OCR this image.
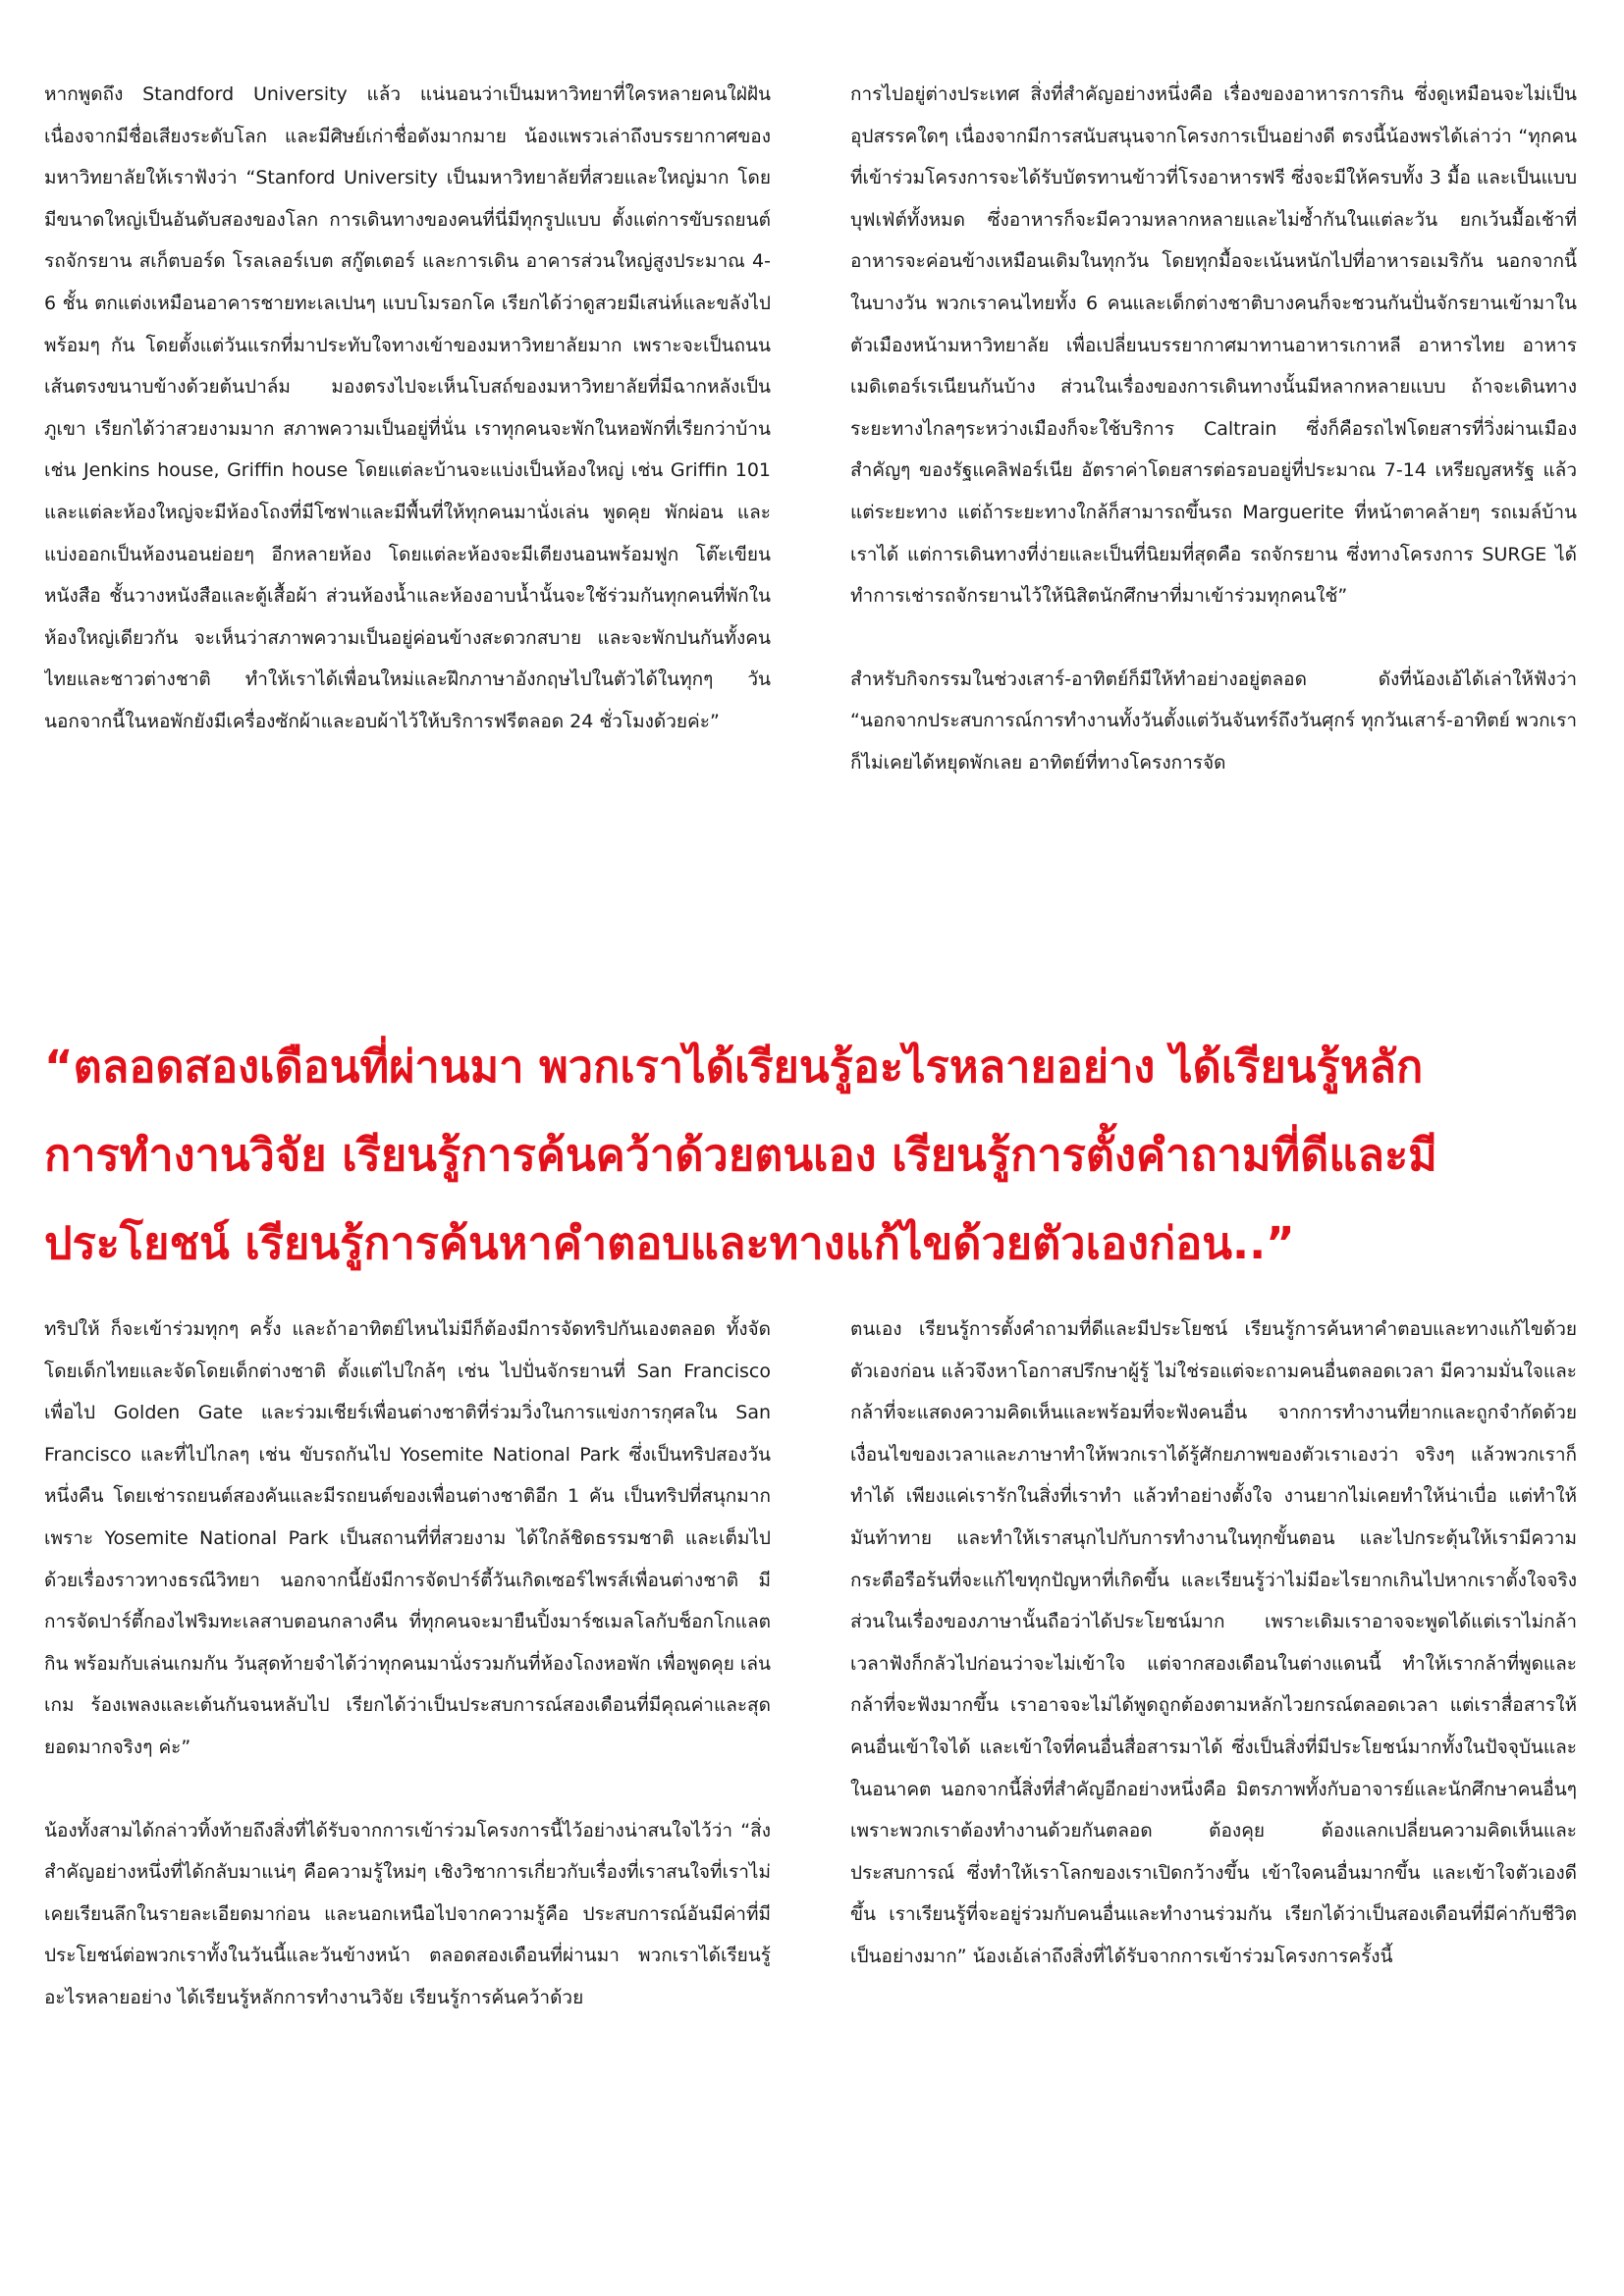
หากพูดถึง Standford University แล้ว แน่นอนว่าเป็นมหาวิทยาที่ใครหลายคนใฝ่ฝัน เนื่องจากมีชื่อเสียงระดับโลก และมีศิษย์เก่าชื่อดังมากมาย น้องแพรวเล่าถึงบรรยากาศของมหาวิทยาลัยให้เราฟังว่า “Stanford University เป็นมหาวิทยาลัยที่สวยและใหญ่มาก โดยมีขนาดใหญ่เป็นอันดับสองของโลก การเดินทางของคนที่นี่มีทุกรูปแบบ ตั้งแต่การขับรถยนต์ รถจักรยาน สเก็ตบอร์ด โรลเลอร์เบต สกู๊ตเตอร์ และการเดิน อาคารส่วนใหญ่สูงประมาณ 4-6 ชั้น ตกแต่งเหมือนอาคารชายทะเลเปนๆ แบบโมรอกโค เรียกได้ว่าดูสวยมีเสน่ห์และขลังไปพร้อมๆ กัน โดยตั้งแต่วันแรกที่มาประทับใจทางเข้าของมหาวิทยาลัยมาก เพราะจะเป็นถนนเส้นตรงขนาบข้างด้วยต้นปาล์ม มองตรงไปจะเห็นโบสถ์ของมหาวิทยาลัยที่มีฉากหลังเป็นภูเขา เรียกได้ว่าสวยงามมาก สภาพความเป็นอยู่ที่นั่น เราทุกคนจะพักในหอพักที่เรียกว่าบ้าน เช่น Jenkins house, Griffin house โดยแต่ละบ้านจะแบ่งเป็นห้องใหญ่ เช่น Griffin 101 และแต่ละห้องใหญ่จะมีห้องโถงที่มีโซฟาและมีพื้นที่ให้ทุกคนมานั่งเล่น พูดคุย พักผ่อน และแบ่งออกเป็นห้องนอนย่อยๆ อีกหลายห้อง โดยแต่ละห้องจะมีเตียงนอนพร้อมฟูก โต๊ะเขียนหนังสือ ชั้นวางหนังสือและตู้เสื้อผ้า ส่วนห้องน้ำและห้องอาบน้ำนั้นจะใช้ร่วมกันทุกคนที่พักในห้องใหญ่เดียวกัน จะเห็นว่าสภาพความเป็นอยู่ค่อนข้างสะดวกสบาย และจะพักปนกันทั้งคนไทยและชาวต่างชาติ ทำให้เราได้เพื่อนใหม่และฝึกภาษาอังกฤษไปในตัวได้ในทุกๆ วัน นอกจากนี้ในหอพักยังมีเครื่องซักผ้าและอบผ้าไว้ให้บริการฟรีตลอด 24 ชั่วโมงด้วยค่ะ”

การไปอยู่ต่างประเทศ สิ่งที่สำคัญอย่างหนึ่งคือ เรื่องของอาหารการกิน ซึ่งดูเหมือนจะไม่เป็นอุปสรรคใดๆ เนื่องจากมีการสนับสนุนจากโครงการเป็นอย่างดี ตรงนี้น้องพรได้เล่าว่า “ทุกคนที่เข้าร่วมโครงการจะได้รับบัตรทานข้าวที่โรงอาหารฟรี ซึ่งจะมีให้ครบทั้ง 3 มื้อ และเป็นแบบบุฟเฟ่ต์ทั้งหมด ซึ่งอาหารก็จะมีความหลากหลายและไม่ซ้ำกันในแต่ละวัน ยกเว้นมื้อเช้าที่อาหารจะค่อนข้างเหมือนเดิมในทุกวัน โดยทุกมื้อจะเน้นหนักไปที่อาหารอเมริกัน นอกจากนี้ในบางวัน พวกเราคนไทยทั้ง 6 คนและเด็กต่างชาติบางคนก็จะชวนกันปั่นจักรยานเข้ามาในตัวเมืองหน้ามหาวิทยาลัย เพื่อเปลี่ยนบรรยากาศมาทานอาหารเกาหลี อาหารไทย อาหารเมดิเตอร์เรเนียนกันบ้าง ส่วนในเรื่องของการเดินทางนั้นมีหลากหลายแบบ ถ้าจะเดินทางระยะทางไกลๆระหว่างเมืองก็จะใช้บริการ Caltrain ซึ่งก็คือรถไฟโดยสารที่วิ่งผ่านเมืองสำคัญๆ ของรัฐแคลิฟอร์เนีย อัตราค่าโดยสารต่อรอบอยู่ที่ประมาณ 7-14 เหรียญสหรัฐ แล้วแต่ระยะทาง แต่ถ้าระยะทางใกล้ก็สามารถขึ้นรถ Marguerite ที่หน้าตาคล้ายๆ รถเมล์บ้านเราได้ แต่การเดินทางที่ง่ายและเป็นที่นิยมที่สุดคือ รถจักรยาน ซึ่งทางโครงการ SURGE ได้ทำการเช่ารถจักรยานไว้ให้นิสิตนักศึกษาที่มาเข้าร่วมทุกคนใช้”

สำหรับกิจกรรมในช่วงเสาร์-อาทิตย์ก็มีให้ทำอย่างอยู่ตลอด ดังที่น้องเอ้ได้เล่าให้ฟังว่า “นอกจากประสบการณ์การทำงานทั้งวันตั้งแต่วันจันทร์ถึงวันศุกร์ ทุกวันเสาร์-อาทิตย์ พวกเราก็ไม่เคยได้หยุดพักเลย อาทิตย์ที่ทางโครงการจัด

“ตลอดสองเดือนที่ผ่านมา พวกเราได้เรียนรู้อะไรหลายอย่าง ได้เรียนรู้หลัก
การทำงานวิจัย เรียนรู้การค้นคว้าด้วยตนเอง เรียนรู้การตั้งคำถามที่ดีและมี
ประโยชน์ เรียนรู้การค้นหาคำตอบและทางแก้ไขด้วยตัวเองก่อน..”

ทริปให้ ก็จะเข้าร่วมทุกๆ ครั้ง และถ้าอาทิตย์ไหนไม่มีก็ต้องมีการจัดทริปกันเองตลอด ทั้งจัดโดยเด็กไทยและจัดโดยเด็กต่างชาติ ตั้งแต่ไปใกล้ๆ เช่น ไปปั่นจักรยานที่ San Francisco เพื่อไป Golden Gate และร่วมเชียร์เพื่อนต่างชาติที่ร่วมวิ่งในการแข่งการกุศลใน San Francisco และที่ไปไกลๆ เช่น ขับรถกันไป Yosemite National Park ซึ่งเป็นทริปสองวันหนึ่งคืน โดยเช่ารถยนต์สองคันและมีรถยนต์ของเพื่อนต่างชาติอีก 1 คัน เป็นทริปที่สนุกมาก เพราะ Yosemite National Park เป็นสถานที่ที่สวยงาม ได้ใกล้ชิดธรรมชาติ และเต็มไปด้วยเรื่องราวทางธรณีวิทยา นอกจากนี้ยังมีการจัดปาร์ตี้วันเกิดเซอร์ไพรส์เพื่อนต่างชาติ มีการจัดปาร์ตี้กองไฟริมทะเลสาบตอนกลางคืน ที่ทุกคนจะมายืนปิ้งมาร์ชเมลโลกับช็อกโกแลตกิน พร้อมกับเล่นเกมกัน วันสุดท้ายจำได้ว่าทุกคนมานั่งรวมกันที่ห้องโถงหอพัก เพื่อพูดคุย เล่นเกม ร้องเพลงและเต้นกันจนหลับไป เรียกได้ว่าเป็นประสบการณ์สองเดือนที่มีคุณค่าและสุดยอดมากจริงๆ ค่ะ”

น้องทั้งสามได้กล่าวทิ้งท้ายถึงสิ่งที่ได้รับจากการเข้าร่วมโครงการนี้ไว้อย่างน่าสนใจไว้ว่า “สิ่งสำคัญอย่างหนึ่งที่ได้กลับมาแน่ๆ คือความรู้ใหม่ๆ เชิงวิชาการเกี่ยวกับเรื่องที่เราสนใจที่เราไม่เคยเรียนลึกในรายละเอียดมาก่อน และนอกเหนือไปจากความรู้คือ ประสบการณ์อันมีค่าที่มีประโยชน์ต่อพวกเราทั้งในวันนี้และวันข้างหน้า ตลอดสองเดือนที่ผ่านมา พวกเราได้เรียนรู้อะไรหลายอย่าง ได้เรียนรู้หลักการทำงานวิจัย เรียนรู้การค้นคว้าด้วย

ตนเอง เรียนรู้การตั้งคำถามที่ดีและมีประโยชน์ เรียนรู้การค้นหาคำตอบและทางแก้ไขด้วยตัวเองก่อน แล้วจึงหาโอกาสปรึกษาผู้รู้ ไม่ใช่รอแต่จะถามคนอื่นตลอดเวลา มีความมั่นใจและกล้าที่จะแสดงความคิดเห็นและพร้อมที่จะฟังคนอื่น จากการทำงานที่ยากและถูกจำกัดด้วยเงื่อนไขของเวลาและภาษาทำให้พวกเราได้รู้ศักยภาพของตัวเราเองว่า จริงๆ แล้วพวกเราก็ทำได้ เพียงแค่เรารักในสิ่งที่เราทำ แล้วทำอย่างตั้งใจ งานยากไม่เคยทำให้น่าเบื่อ แต่ทำให้มันท้าทาย และทำให้เราสนุกไปกับการทำงานในทุกขั้นตอน และไปกระตุ้นให้เรามีความกระตือรือร้นที่จะแก้ไขทุกปัญหาที่เกิดขึ้น และเรียนรู้ว่าไม่มีอะไรยากเกินไปหากเราตั้งใจจริง ส่วนในเรื่องของภาษานั้นถือว่าได้ประโยชน์มาก เพราะเดิมเราอาจจะพูดได้แต่เราไม่กล้า เวลาฟังก็กลัวไปก่อนว่าจะไม่เข้าใจ แต่จากสองเดือนในต่างแดนนี้ ทำให้เรากล้าที่พูดและกล้าที่จะฟังมากขึ้น เราอาจจะไม่ได้พูดถูกต้องตามหลักไวยกรณ์ตลอดเวลา แต่เราสื่อสารให้คนอื่นเข้าใจได้ และเข้าใจที่คนอื่นสื่อสารมาได้ ซึ่งเป็นสิ่งที่มีประโยชน์มากทั้งในปัจจุบันและในอนาคต นอกจากนี้สิ่งที่สำคัญอีกอย่างหนึ่งคือ มิตรภาพทั้งกับอาจารย์และนักศึกษาคนอื่นๆ เพราะพวกเราต้องทำงานด้วยกันตลอด ต้องคุย ต้องแลกเปลี่ยนความคิดเห็นและประสบการณ์ ซึ่งทำให้เราโลกของเราเปิดกว้างขึ้น เข้าใจคนอื่นมากขึ้น และเข้าใจตัวเองดีขึ้น เราเรียนรู้ที่จะอยู่ร่วมกับคนอื่นและทำงานร่วมกัน เรียกได้ว่าเป็นสองเดือนที่มีค่ากับชีวิตเป็นอย่างมาก” น้องเอ้เล่าถึงสิ่งที่ได้รับจากการเข้าร่วมโครงการครั้งนี้
